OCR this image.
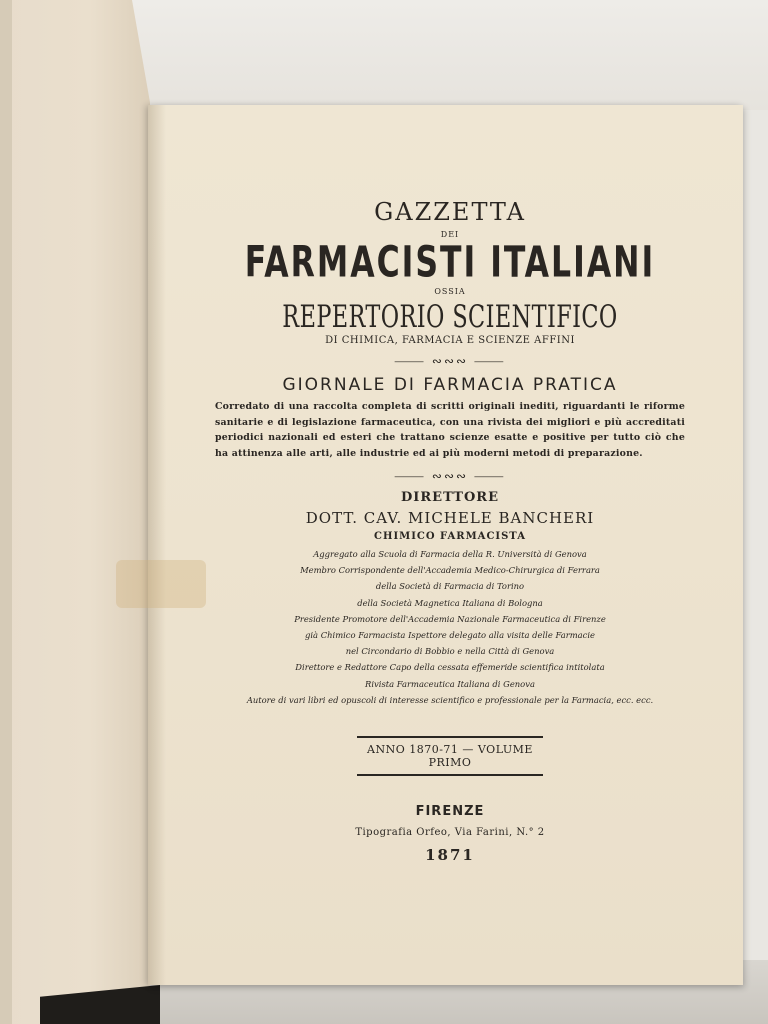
GAZZETTA
DEI
FARMACISTI ITALIANI
OSSIA
REPERTORIO SCIENTIFICO
DI CHIMICA, FARMACIA E SCIENZE AFFINI
⸻ ∾∾∾ ⸻
GIORNALE DI FARMACIA PRATICA
Corredato di una raccolta completa di scritti originali inediti, riguardanti le riforme sanitarie e di legislazione farmaceutica, con una rivista dei migliori e più accreditati periodici nazionali ed esteri che trattano scienze esatte e positive per tutto ciò che ha attinenza alle arti, alle industrie ed ai più moderni metodi di preparazione.
⸻ ∾∾∾ ⸻
DIRETTORE
DOTT. CAV. MICHELE BANCHERI
CHIMICO FARMACISTA
Aggregato alla Scuola di Farmacia della R. Università di Genova
Membro Corrispondente dell'Accademia Medico-Chirurgica di Ferrara
della Società di Farmacia di Torino
della Società Magnetica Italiana di Bologna
Presidente Promotore dell'Accademia Nazionale Farmaceutica di Firenze
già Chimico Farmacista Ispettore delegato alla visita delle Farmacie
nel Circondario di Bobbio e nella Città di Genova
Direttore e Redattore Capo della cessata effemeride scientifica intitolata
Rivista Farmaceutica Italiana di Genova
Autore di vari libri ed opuscoli di interesse scientifico e professionale per la Farmacia, ecc. ecc.
ANNO 1870-71 — VOLUME PRIMO
FIRENZE
Tipografia Orfeo, Via Farini, N.° 2
1871
